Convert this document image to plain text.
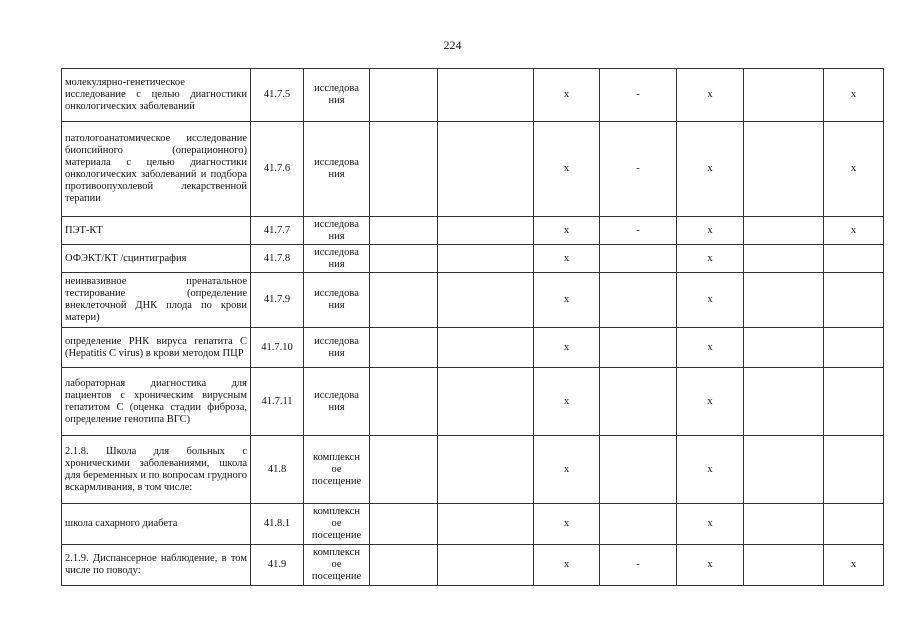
224
молекулярно-генетическое исследование с целью диагностики онкологических заболеваний	41.7.5	исследова ния			x	-	x		x
патологоанатомическое исследование биопсийного (операционного) материала с целью диагностики онкологических заболеваний и подбора противоопухолевой лекарственной терапии	41.7.6	исследова ния			x	-	x		x
ПЭТ-КТ	41.7.7	исследова ния			x	-	x		x
ОФЭКТ/КТ /сцинтиграфия	41.7.8	исследова ния			x		x		
неинвазивное пренатальное тестирование (определение внеклеточной ДНК плода по крови матери)	41.7.9	исследова ния			x		x		
определение РНК вируса гепатита C (Hepatitis C virus) в крови методом ПЦР	41.7.10	исследова ния			x		x		
лабораторная диагностика для пациентов с хроническим вирусным гепатитом C (оценка стадии фиброза, определение генотипа ВГС)	41.7.11	исследова ния			x		x		
2.1.8. Школа для больных с хроническими заболеваниями, школа для беременных и по вопросам грудного вскармливания, в том числе:	41.8	комплексн ое посещение			x		x		
школа сахарного диабета	41.8.1	комплексн ое посещение			x		x		
2.1.9. Диспансерное наблюдение, в том числе по поводу:	41.9	комплексн ое посещение			x	-	x		x
